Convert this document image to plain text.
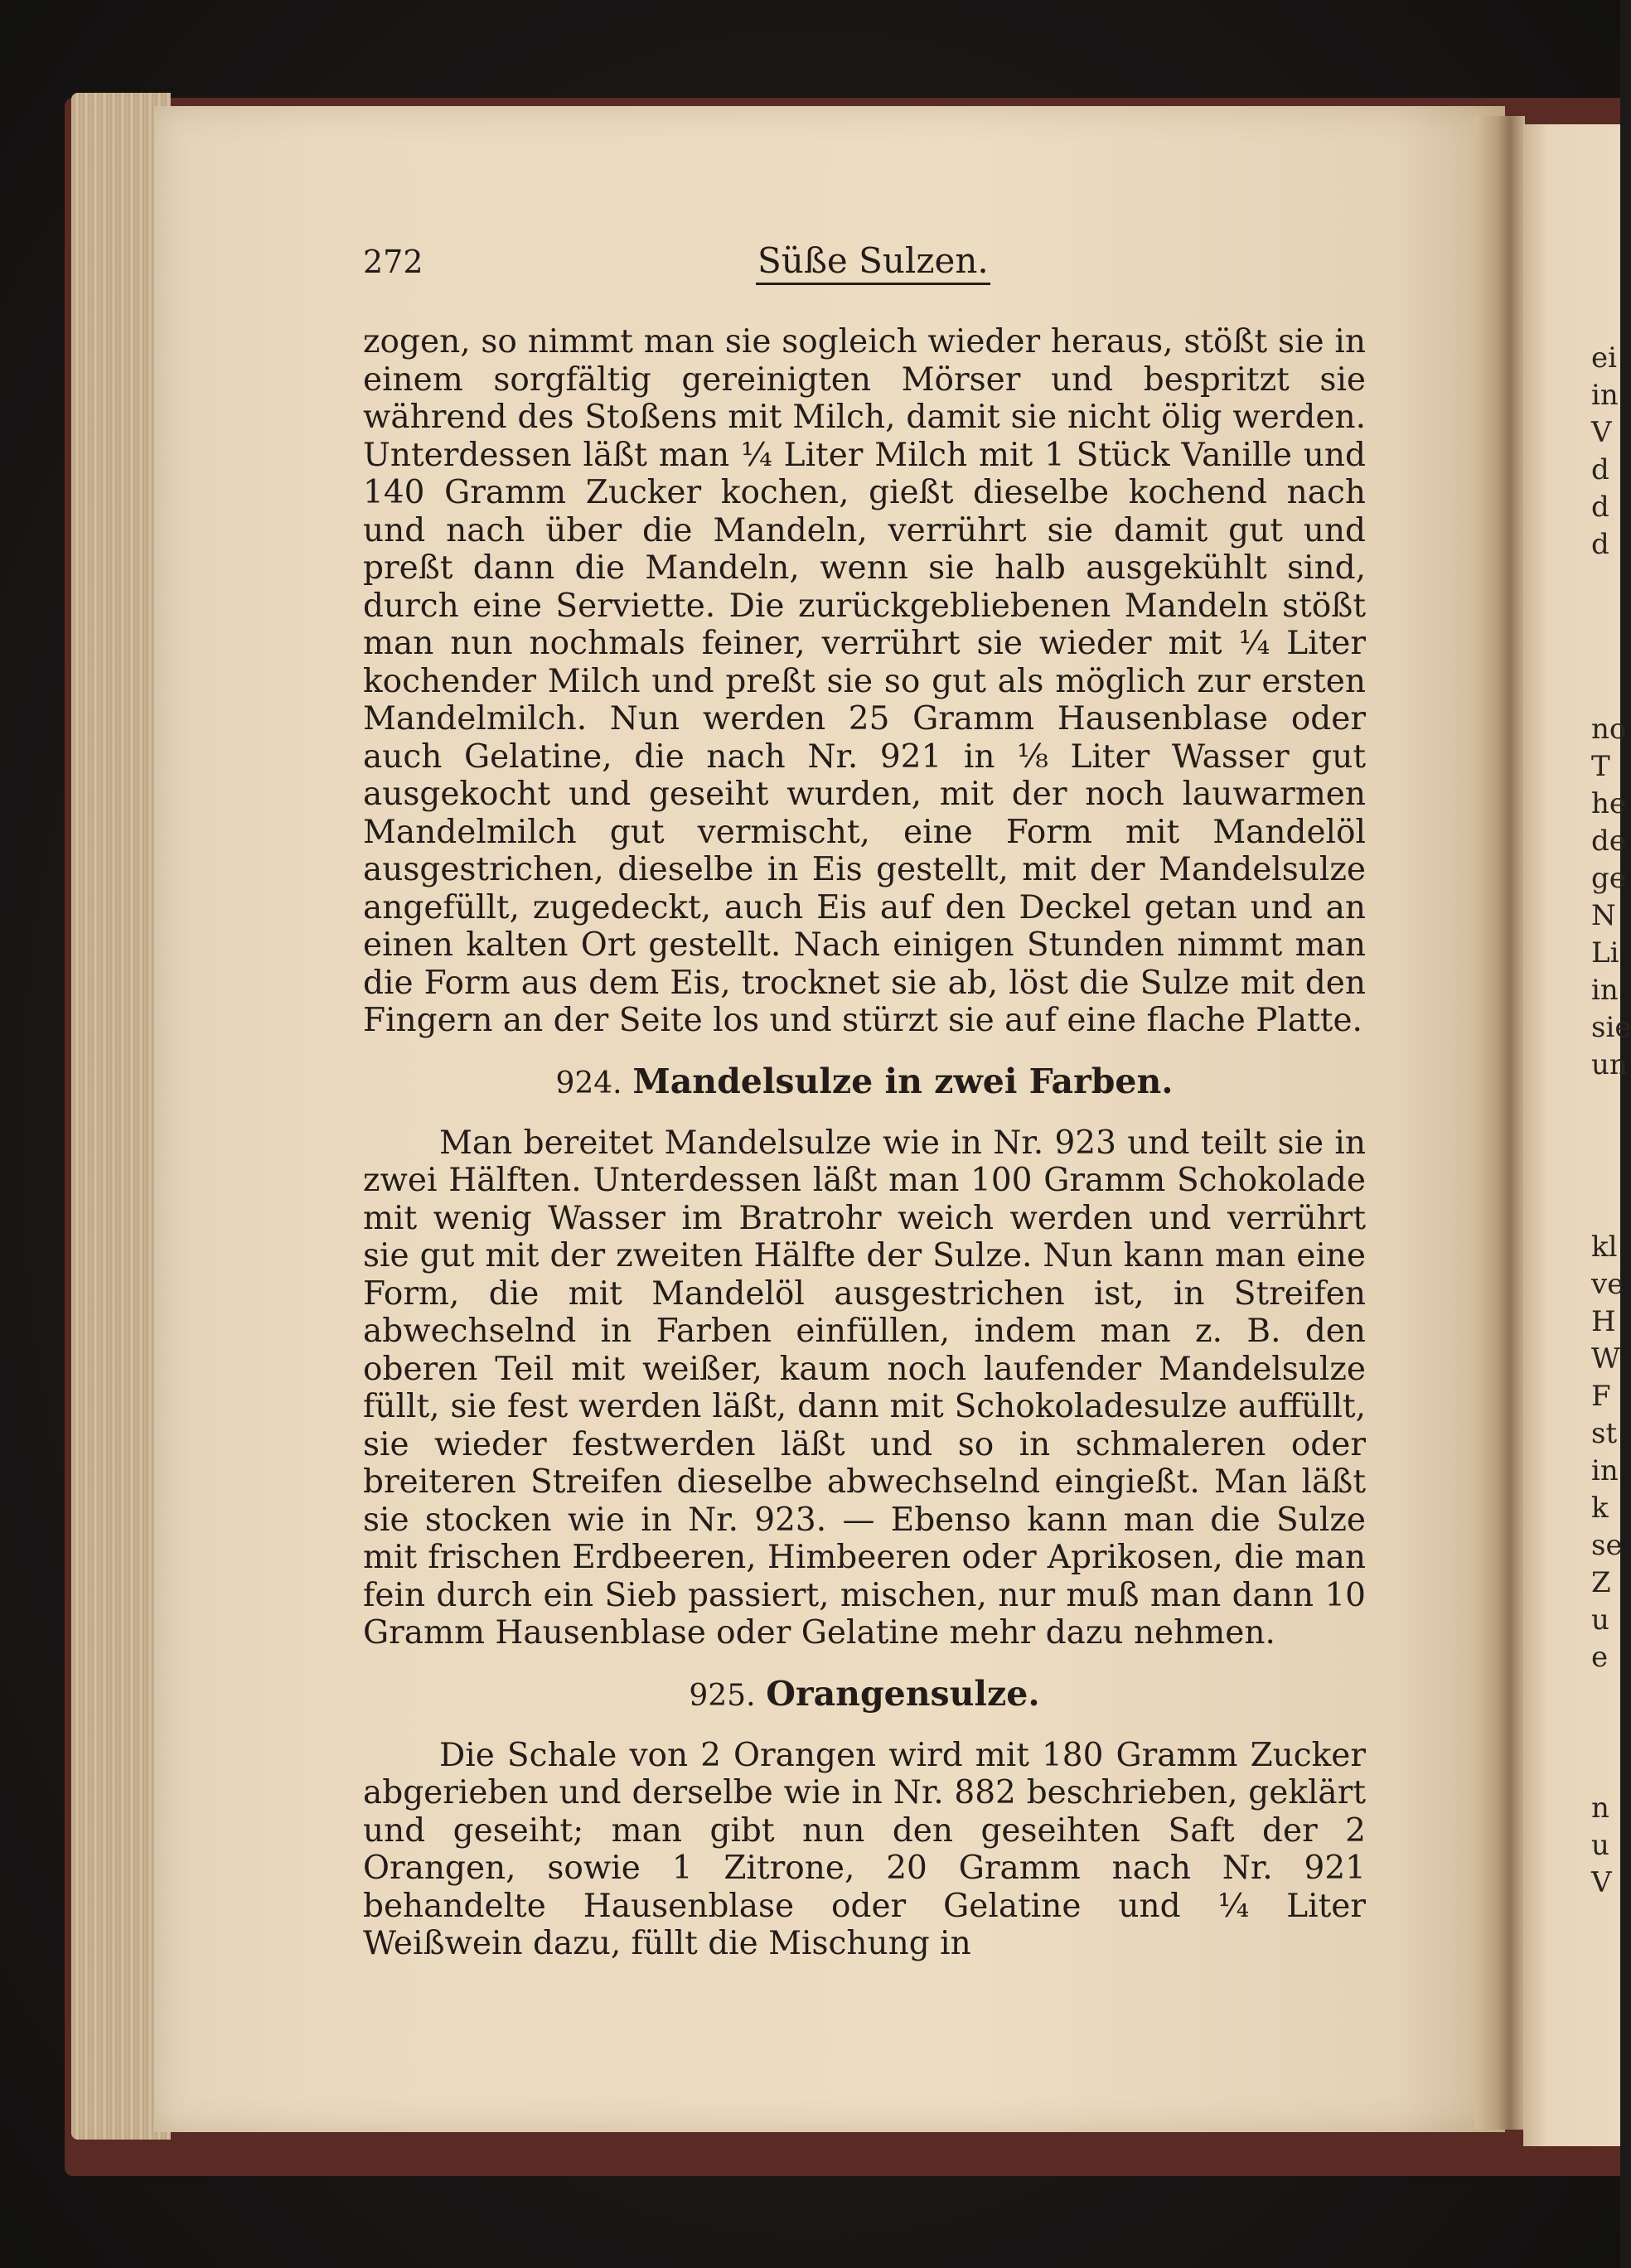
ei
in
V
d
d
d
no
T
he
de
ge
N
Li
in
sie
un
kl
ve
H
W
F
st
in
k
se
Z
u
e
n
u
V
272	Süße Sulzen.

zogen, so nimmt man sie sogleich wieder heraus, stößt sie in einem sorgfältig gereinigten Mörser und bespritzt sie während des Stoßens mit Milch, damit sie nicht ölig werden. Unterdessen läßt man ¼ Liter Milch mit 1 Stück Vanille und 140 Gramm Zucker kochen, gießt dieselbe kochend nach und nach über die Mandeln, verrührt sie damit gut und preßt dann die Mandeln, wenn sie halb ausgekühlt sind, durch eine Serviette. Die zurückgebliebenen Mandeln stößt man nun nochmals feiner, verrührt sie wieder mit ¼ Liter kochender Milch und preßt sie so gut als möglich zur ersten Mandelmilch. Nun werden 25 Gramm Hausenblase oder auch Gelatine, die nach Nr. 921 in ⅛ Liter Wasser gut ausgekocht und geseiht wurden, mit der noch lauwarmen Mandelmilch gut vermischt, eine Form mit Mandelöl ausgestrichen, dieselbe in Eis gestellt, mit der Mandelsulze angefüllt, zugedeckt, auch Eis auf den Deckel getan und an einen kalten Ort gestellt. Nach einigen Stunden nimmt man die Form aus dem Eis, trocknet sie ab, löst die Sulze mit den Fingern an der Seite los und stürzt sie auf eine flache Platte.

924. Mandelsulze in zwei Farben.

Man bereitet Mandelsulze wie in Nr. 923 und teilt sie in zwei Hälften. Unterdessen läßt man 100 Gramm Schokolade mit wenig Wasser im Bratrohr weich werden und verrührt sie gut mit der zweiten Hälfte der Sulze. Nun kann man eine Form, die mit Mandelöl ausgestrichen ist, in Streifen abwechselnd in Farben einfüllen, indem man z. B. den oberen Teil mit weißer, kaum noch laufender Mandelsulze füllt, sie fest werden läßt, dann mit Schokoladesulze auffüllt, sie wieder festwerden läßt und so in schmaleren oder breiteren Streifen dieselbe abwechselnd eingießt. Man läßt sie stocken wie in Nr. 923. — Ebenso kann man die Sulze mit frischen Erdbeeren, Himbeeren oder Aprikosen, die man fein durch ein Sieb passiert, mischen, nur muß man dann 10 Gramm Hausenblase oder Gelatine mehr dazu nehmen.

925. Orangensulze.

Die Schale von 2 Orangen wird mit 180 Gramm Zucker abgerieben und derselbe wie in Nr. 882 beschrieben, geklärt und geseiht; man gibt nun den geseihten Saft der 2 Orangen, sowie 1 Zitrone, 20 Gramm nach Nr. 921 behandelte Hausenblase oder Gelatine und ¼ Liter Weißwein dazu, füllt die Mischung in
